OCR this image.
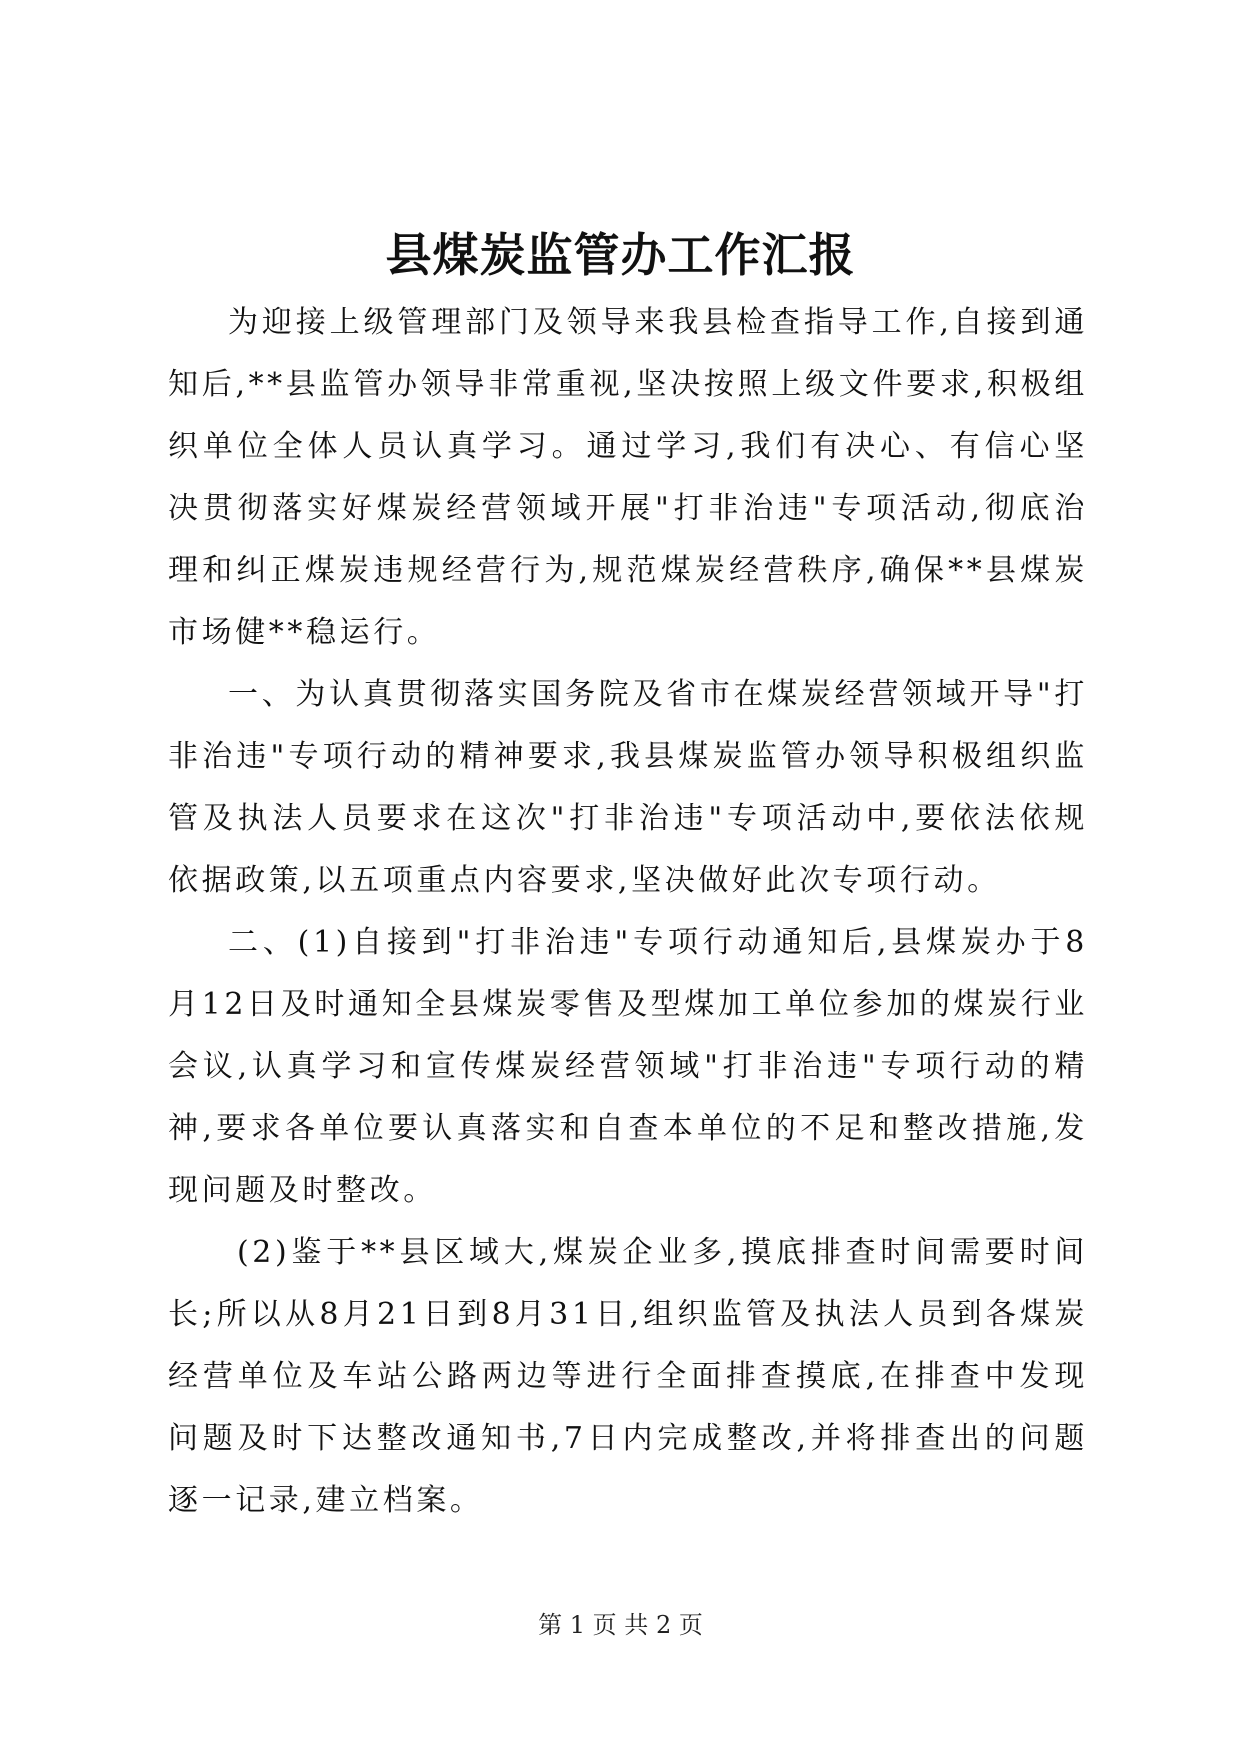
县煤炭监管办工作汇报

为迎接上级管理部门及领导来我县检查指导工作,自接到通知后,**县监管办领导非常重视,坚决按照上级文件要求,积极组织单位全体人员认真学习。通过学习,我们有决心、有信心坚决贯彻落实好煤炭经营领域开展"打非治违"专项活动,彻底治理和纠正煤炭违规经营行为,规范煤炭经营秩序,确保**县煤炭市场健**稳运行。

一、为认真贯彻落实国务院及省市在煤炭经营领域开导"打非治违"专项行动的精神要求,我县煤炭监管办领导积极组织监管及执法人员要求在这次"打非治违"专项活动中,要依法依规依据政策,以五项重点内容要求,坚决做好此次专项行动。

二、(1)自接到"打非治违"专项行动通知后,县煤炭办于8月12日及时通知全县煤炭零售及型煤加工单位参加的煤炭行业会议,认真学习和宣传煤炭经营领域"打非治违"专项行动的精神,要求各单位要认真落实和自查本单位的不足和整改措施,发现问题及时整改。

(2)鉴于**县区域大,煤炭企业多,摸底排查时间需要时间长;所以从8月21日到8月31日,组织监管及执法人员到各煤炭经营单位及车站公路两边等进行全面排查摸底,在排查中发现问题及时下达整改通知书,7日内完成整改,并将排查出的问题逐一记录,建立档案。

第 1 页 共 2 页
